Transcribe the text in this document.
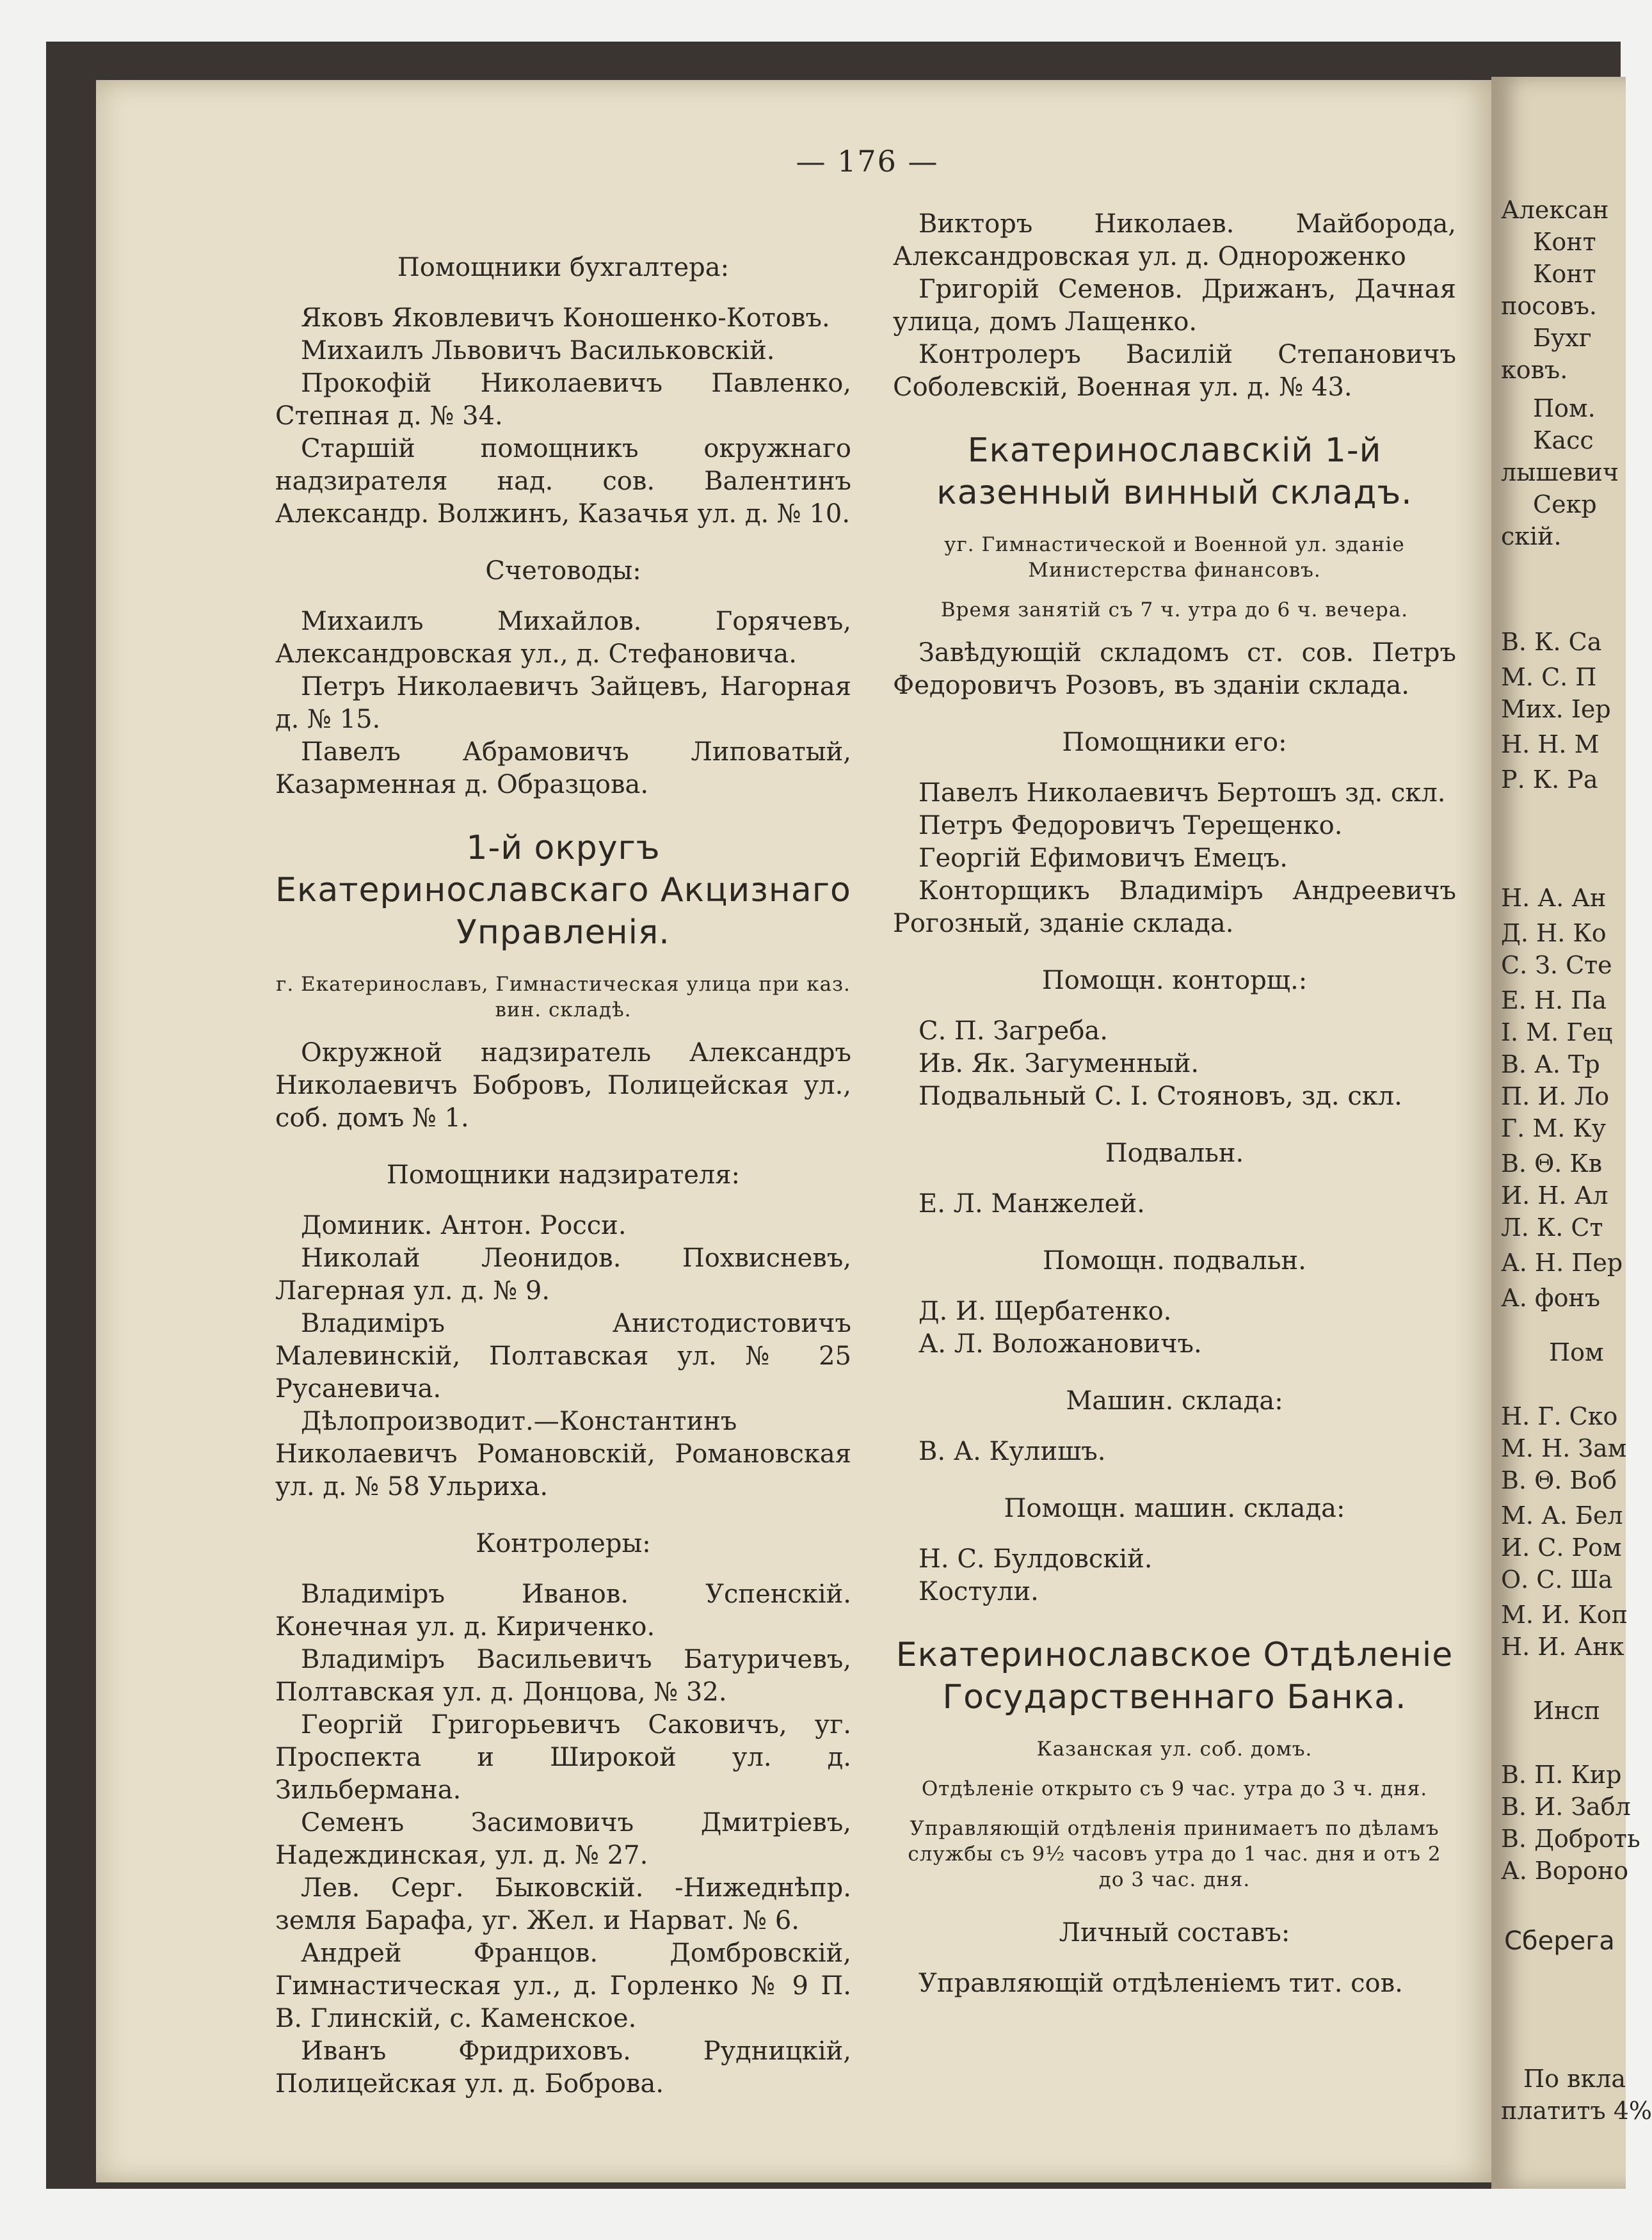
— 176 —

Помощники бухгалтера:

Яковъ Яковлевичъ Коношенко-Котовъ.

Михаилъ Львовичъ Васильковскій.

Прокофій Николаевичъ Павленко, Степная д. № 34.

Старшій помощникъ окружнаго надзирателя над. сов. Валентинъ Александр. Волжинъ, Казачья ул. д. № 10.

Счетоводы:

Михаилъ Михайлов. Горячевъ, Александровская ул., д. Стефановича.

Петръ Николаевичъ Зайцевъ, Нагорная д. № 15.

Павелъ Абрамовичъ Липоватый, Казарменная д. Образцова.

1-й округъ Екатеринославскаго Акцизнаго Управленія.

г. Екатеринославъ, Гимнастическая улица при каз. вин. складѣ.

Окружной надзиратель Александръ Николаевичъ Бобровъ, Полицейская ул., соб. домъ № 1.

Помощники надзирателя:

Доминик. Антон. Росси.

Николай Леонидов. Похвисневъ, Лагерная ул. д. № 9.

Владиміръ Анистодистовичъ Малевинскій, Полтавская ул. № 25 Русаневича.

Дѣлопроизводит.—Константинъ Николаевичъ Романовскій, Романовская ул. д. № 58 Ульриха.

Контролеры:

Владиміръ Иванов. Успенскій. Конечная ул. д. Кириченко.

Владиміръ Васильевичъ Батуричевъ, Полтавская ул. д. Донцова, № 32.

Георгій Григорьевичъ Саковичъ, уг. Проспекта и Широкой ул. д. Зильбермана.

Семенъ Засимовичъ Дмитріевъ, Надеждинская, ул. д. № 27.

Лев. Серг. Быковскій. -Нижеднѣпр. земля Барафа, уг. Жел. и Нарват. № 6.

Андрей Францов. Домбровскій, Гимнастическая ул., д. Горленко № 9 П. В. Глинскій, с. Каменское.

Иванъ Фридриховъ. Рудницкій, Полицейская ул. д. Боброва.

Викторъ Николаев. Майборода, Александровская ул. д. Однороженко

Григорій Семенов. Дрижанъ, Дачная улица, домъ Лащенко.

Контролеръ Василій Степановичъ Соболевскій, Военная ул. д. № 43.

Екатеринославскій 1-й казенный винный складъ.

уг. Гимнастической и Военной ул. зданіе Министерства финансовъ.

Время занятій съ 7 ч. утра до 6 ч. вечера.

Завѣдующій складомъ ст. сов. Петръ Федоровичъ Розовъ, въ зданіи склада.

Помощники его:

Павелъ Николаевичъ Бертошъ зд. скл.

Петръ Федоровичъ Терещенко.

Георгій Ефимовичъ Емецъ.

Конторщикъ Владиміръ Андреевичъ Рогозный, зданіе склада.

Помощн. конторщ.:

С. П. Загреба.

Ив. Як. Загуменный.

Подвальный С. І. Стояновъ, зд. скл.

Подвальн.

Е. Л. Манжелей.

Помощн. подвальн.

Д. И. Щербатенко.

А. Л. Воложановичъ.

Машин. склада:

В. А. Кулишъ.

Помощн. машин. склада:

Н. С. Булдовскій.

Костули.

Екатеринославское Отдѣленіе Государственнаго Банка.

Казанская ул. соб. домъ.

Отдѣленіе открыто съ 9 час. утра до 3 ч. дня.

Управляющій отдѣленія принимаетъ по дѣламъ службы съ 9½ часовъ утра до 1 час. дня и отъ 2 до 3 час. дня.

Личный составъ:

Управляющій отдѣленіемъ тит. сов.

Алексан
Конт
Конт
посовъ.
Бухг
ковъ.
Пом.
Касс
лышевич
Секр
скій.
В. К. Са
М. С. П
Мих. Іер
Н. Н. М
Р. К. Ра
Н. А. Ан
Д. Н. Ко
С. З. Сте
Е. Н. Па
І. М. Гец
В. А. Тр
П. И. Ло
Г. М. Ку
В. Θ. Кв
И. Н. Ал
Л. К. Ст
А. Н. Пер
А. фонъ
Пом
Н. Г. Ско
М. Н. Зам
В. Θ. Вoб
М. А. Бел
И. С. Ром
О. С. Ша
М. И. Коп
Н. И. Анк
Инсп
В. П. Кир
В. И. Забл
В. Доброть
А. Вороно
Сберега
По вкла
платитъ 4%
